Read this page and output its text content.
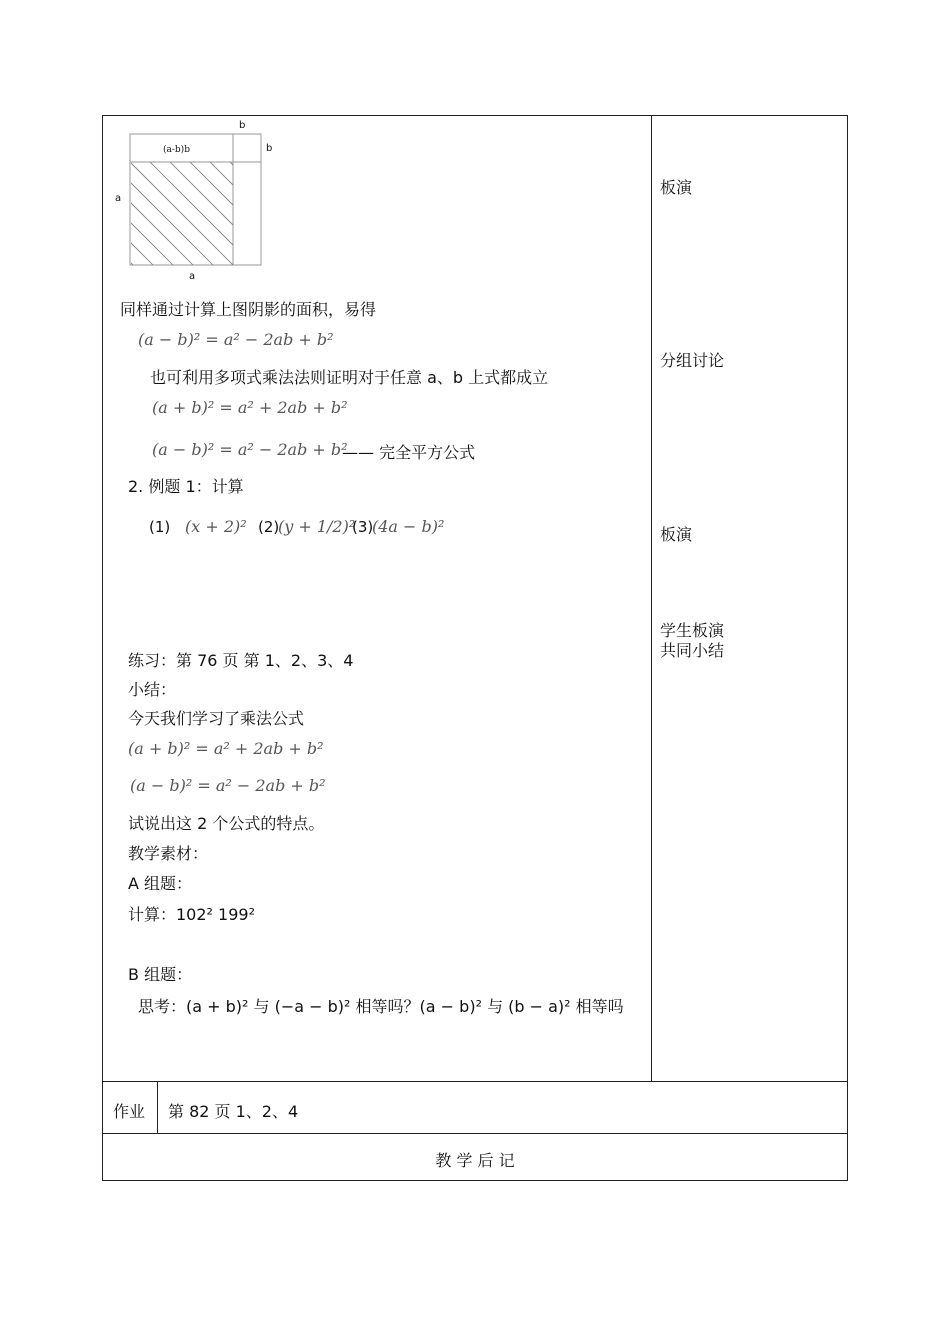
b
b
(a-b)b
a
a
同样通过计算上图阴影的面积，易得
(a − b)² = a² − 2ab + b²
也可利用多项式乘法法则证明对于任意 a、b 上式都成立
(a + b)² = a² + 2ab + b²
(a − b)² = a² − 2ab + b²
—— 完全平方公式
2. 例题 1：计算
(1) (x + 2)² (2)
(y + 1/2)²
(3)
(4a − b)²
练习：第 76 页 第 1、2、3、4
小结：
今天我们学习了乘法公式
(a + b)² = a² + 2ab + b²
(a − b)² = a² − 2ab + b²
试说出这 2 个公式的特点。
教学素材：
A 组题：
计算：102² 199²
B 组题：
思考：(a + b)² 与 (−a − b)² 相等吗？(a − b)² 与 (b − a)² 相等吗
板演
分组讨论
板演
学生板演
共同小结
作业 第 82 页 1、2、4
教 学 后 记
